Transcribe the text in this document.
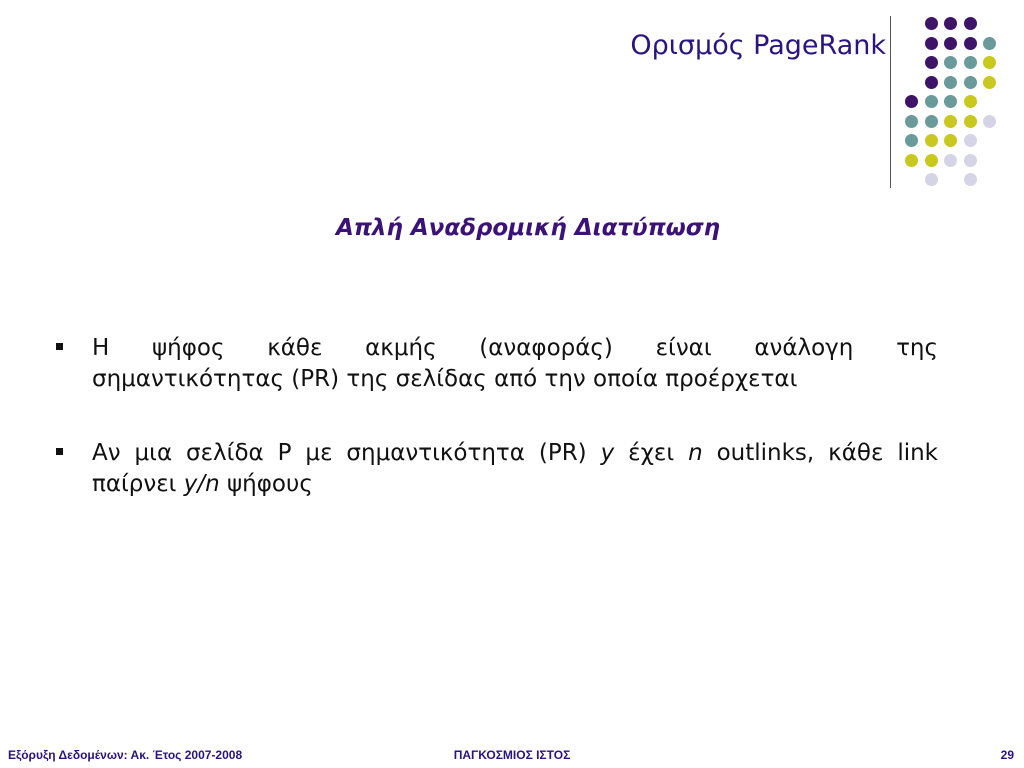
Ορισμός PageRank
Απλή Αναδρομική Διατύπωση
Η ψήφος κάθε ακμής (αναφοράς) είναι ανάλογη της
σημαντικότητας (PR) της σελίδας από την οποία προέρχεται
Αν μια σελίδα P με σημαντικότητα (PR) y έχει n outlinks, κάθε link παίρνει y/n ψήφους
Εξόρυξη Δεδομένων: Ακ. Έτος 2007-2008	ΠΑΓΚΟΣΜΙΟΣ ΙΣΤΟΣ	29
